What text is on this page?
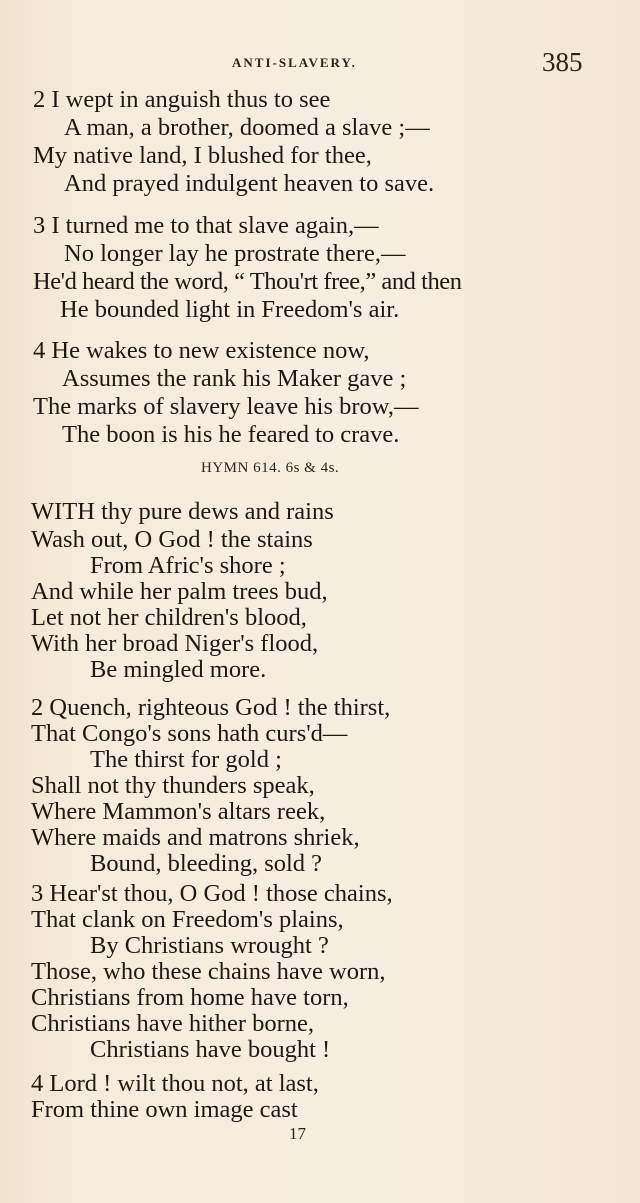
ANTI-SLAVERY.	385
2 I wept in anguish thus to see
A man, a brother, doomed a slave ;—
My native land, I blushed for thee,
And prayed indulgent heaven to save.
3 I turned me to that slave again,—
No longer lay he prostrate there,—
He'd heard the word, “ Thou'rt free,” and then
He bounded light in Freedom's air.
4 He wakes to new existence now,
Assumes the rank his Maker gave ;
The marks of slavery leave his brow,—
The boon is his he feared to crave.
HYMN 614. 6s & 4s.
WITH thy pure dews and rains
Wash out, O God ! the stains
From Afric's shore ;
And while her palm trees bud,
Let not her children's blood,
With her broad Niger's flood,
Be mingled more.
2 Quench, righteous God ! the thirst,
That Congo's sons hath curs'd—
The thirst for gold ;
Shall not thy thunders speak,
Where Mammon's altars reek,
Where maids and matrons shriek,
Bound, bleeding, sold ?
3 Hear'st thou, O God ! those chains,
That clank on Freedom's plains,
By Christians wrought ?
Those, who these chains have worn,
Christians from home have torn,
Christians have hither borne,
Christians have bought !
4 Lord ! wilt thou not, at last,
From thine own image cast
17
